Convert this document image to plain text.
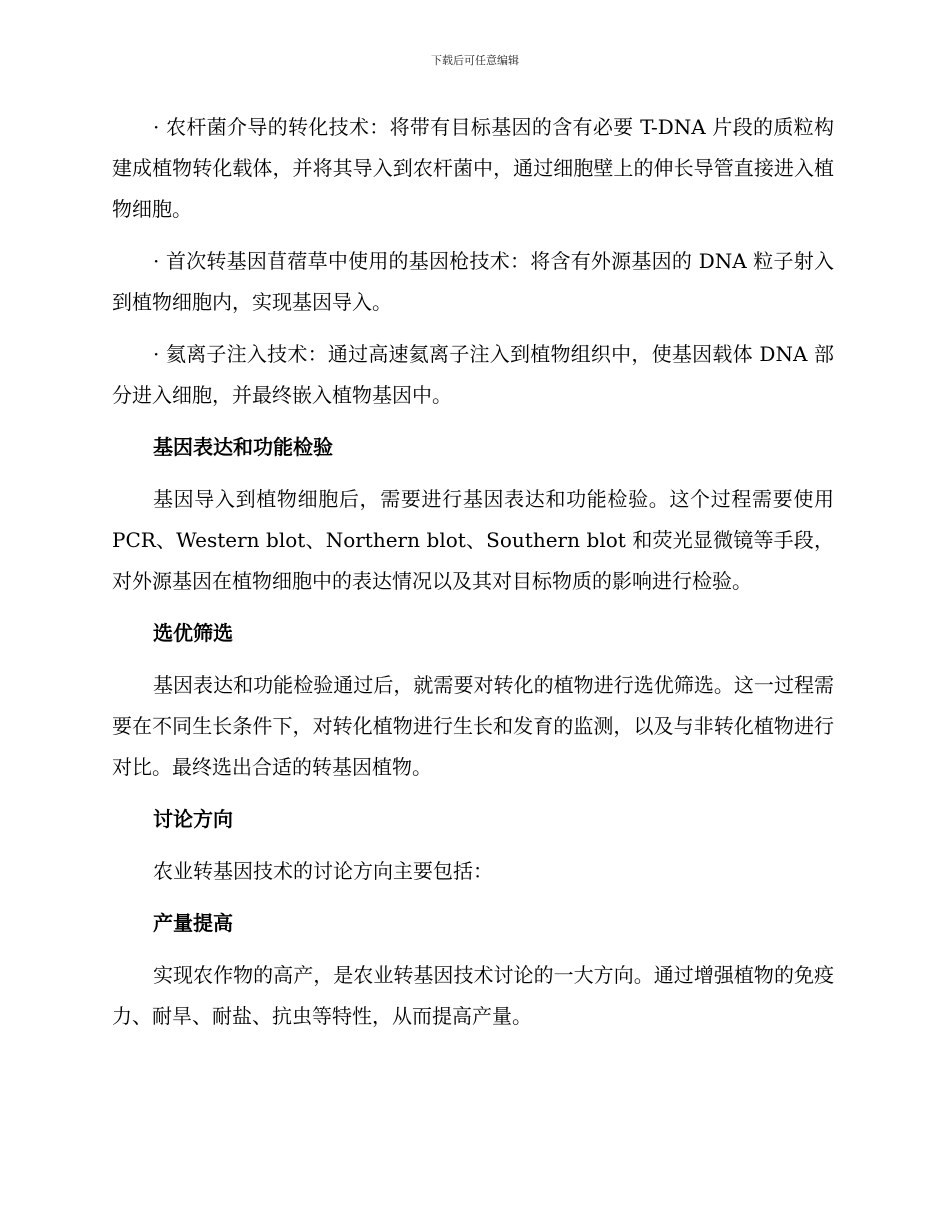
下载后可任意编辑

· 农杆菌介导的转化技术：将带有目标基因的含有必要 T-DNA 片段的质粒构建成植物转化载体，并将其导入到农杆菌中，通过细胞壁上的伸长导管直接进入植物细胞。

· 首次转基因苜蓿草中使用的基因枪技术：将含有外源基因的 DNA 粒子射入到植物细胞内，实现基因导入。

· 氦离子注入技术：通过高速氦离子注入到植物组织中，使基因载体 DNA 部分进入细胞，并最终嵌入植物基因中。

基因表达和功能检验

基因导入到植物细胞后，需要进行基因表达和功能检验。这个过程需要使用 PCR、Western blot、Northern blot、Southern blot 和荧光显微镜等手段，对外源基因在植物细胞中的表达情况以及其对目标物质的影响进行检验。

选优筛选

基因表达和功能检验通过后，就需要对转化的植物进行选优筛选。这一过程需要在不同生长条件下，对转化植物进行生长和发育的监测，以及与非转化植物进行对比。最终选出合适的转基因植物。

讨论方向

农业转基因技术的讨论方向主要包括：

产量提高

实现农作物的高产，是农业转基因技术讨论的一大方向。通过增强植物的免疫力、耐旱、耐盐、抗虫等特性，从而提高产量。
